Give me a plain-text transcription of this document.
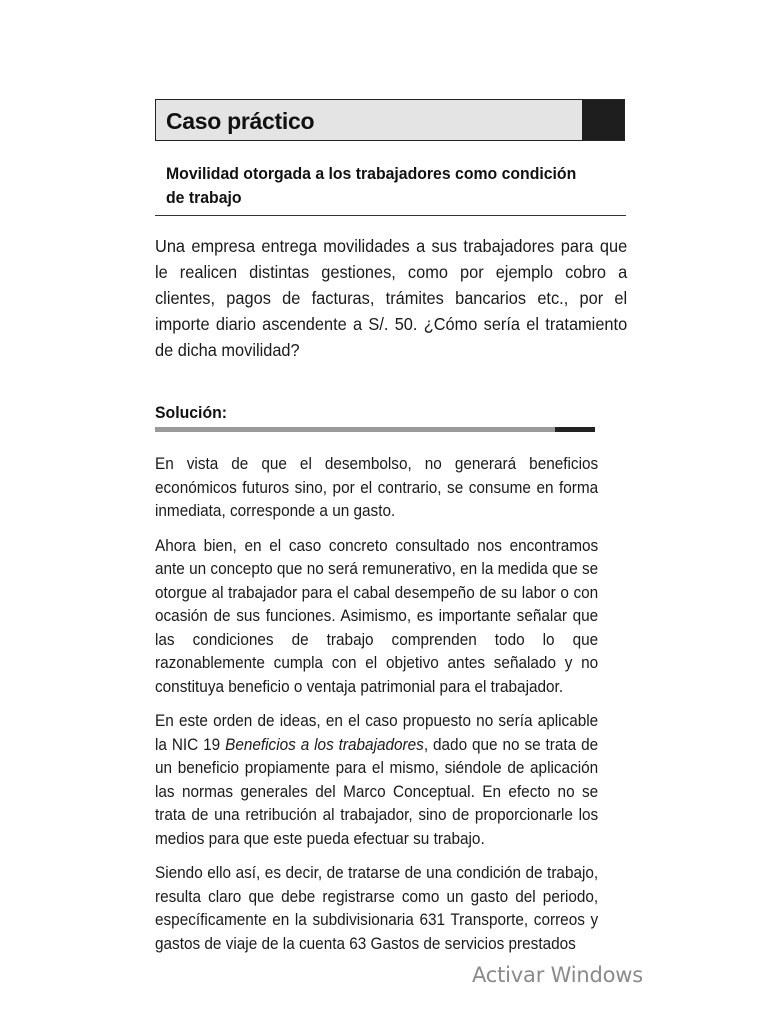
Caso práctico
Movilidad otorgada a los trabajadores como condición de trabajo
Una empresa entrega movilidades a sus trabajadores para que le realicen distintas gestiones, como por ejemplo cobro a clientes, pagos de facturas, trámites bancarios etc., por el importe diario ascendente a S/. 50. ¿Cómo sería el tratamiento de dicha movilidad?
Solución:

En vista de que el desembolso, no generará beneficios económicos futuros sino, por el contrario, se consume en forma inmediata, corresponde a un gasto.

Ahora bien, en el caso concreto consultado nos encontramos ante un concepto que no será remunerativo, en la medida que se otorgue al trabajador para el cabal desempeño de su labor o con ocasión de sus funciones. Asimismo, es importante señalar que las condiciones de trabajo comprenden todo lo que razonablemente cumpla con el objetivo antes señalado y no constituya beneficio o ventaja patrimonial para el trabajador.

En este orden de ideas, en el caso propuesto no sería aplicable la NIC 19 Beneficios a los trabajadores, dado que no se trata de un beneficio propiamente para el mismo, siéndole de aplicación las normas generales del Marco Conceptual. En efecto no se trata de una retribución al trabajador, sino de proporcionarle los medios para que este pueda efectuar su trabajo.

Siendo ello así, es decir, de tratarse de una condición de trabajo, resulta claro que debe registrarse como un gasto del periodo, específicamente en la subdivisionaria 631 Transporte, correos y gastos de viaje de la cuenta 63 Gastos de servicios prestados

Activar Windows
